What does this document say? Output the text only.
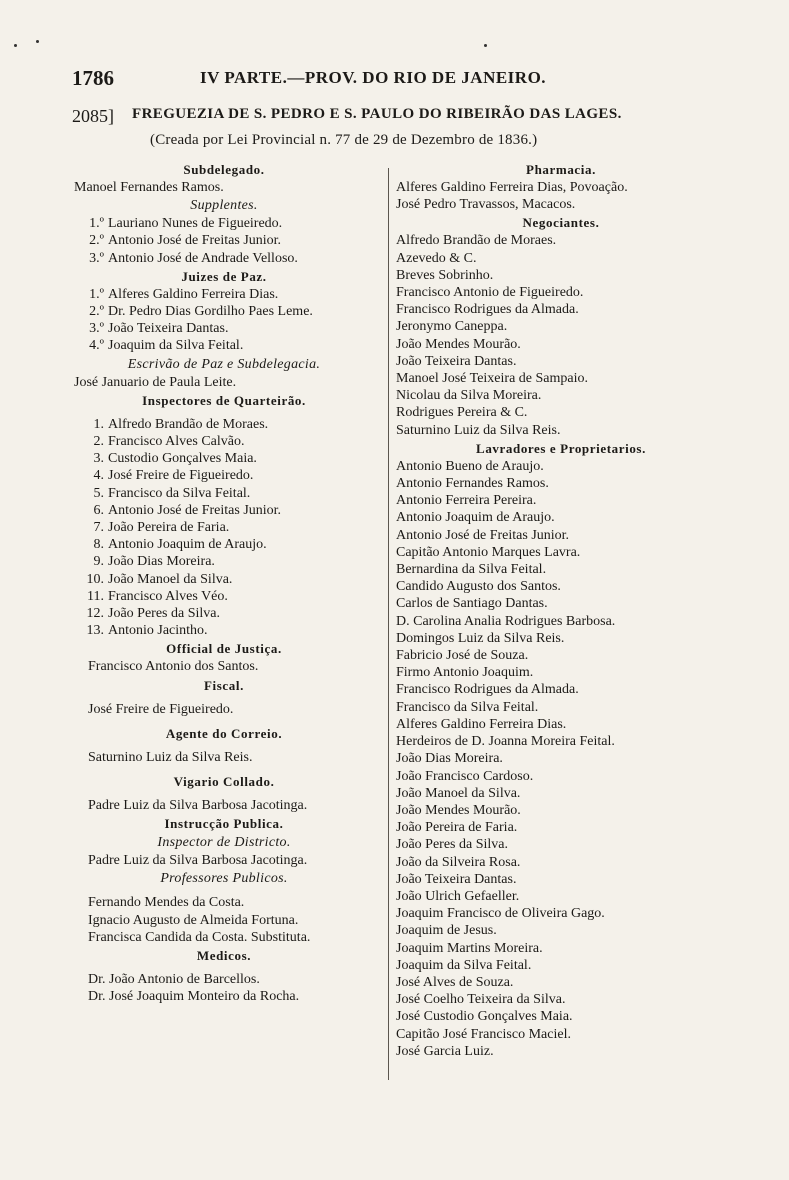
1786	IV PARTE.—PROV. DO RIO DE JANEIRO.
2085] FREGUEZIA DE S. PEDRO E S. PAULO DO RIBEIRÃO DAS LAGES.
(Creada por Lei Provincial n. 77 de 29 de Dezembro de 1836.)
Subdelegado.
Manoel Fernandes Ramos.
Supplentes.
1.º Lauriano Nunes de Figueiredo.
2.º Antonio José de Freitas Junior.
3.º Antonio José de Andrade Velloso.
Juizes de Paz.
1.º Alferes Galdino Ferreira Dias.
2.º Dr. Pedro Dias Gordilho Paes Leme.
3.º João Teixeira Dantas.
4.º Joaquim da Silva Feital.
Escrivão de Paz e Subdelegacia.
José Januario de Paula Leite.
Inspectores de Quarteirão.
1. Alfredo Brandão de Moraes.
2. Francisco Alves Calvão.
3. Custodio Gonçalves Maia.
4. José Freire de Figueiredo.
5. Francisco da Silva Feital.
6. Antonio José de Freitas Junior.
7. João Pereira de Faria.
8. Antonio Joaquim de Araujo.
9. João Dias Moreira.
10. João Manoel da Silva.
11. Francisco Alves Véo.
12. João Peres da Silva.
13. Antonio Jacintho.
Official de Justiça.
Francisco Antonio dos Santos.
Fiscal.
José Freire de Figueiredo.
Agente do Correio.
Saturnino Luiz da Silva Reis.
Vigario Collado.
Padre Luiz da Silva Barbosa Jacotinga.
Instrucção Publica.
Inspector de Districto.
Padre Luiz da Silva Barbosa Jacotinga.
Professores Publicos.
Fernando Mendes da Costa.
Ignacio Augusto de Almeida Fortuna.
Francisca Candida da Costa. Substituta.
Medicos.
Dr. João Antonio de Barcellos.
Dr. José Joaquim Monteiro da Rocha.
Pharmacia.
Alferes Galdino Ferreira Dias, Povoação.
José Pedro Travassos, Macacos.
Negociantes.
Alfredo Brandão de Moraes.
Azevedo & C.
Breves Sobrinho.
Francisco Antonio de Figueiredo.
Francisco Rodrigues da Almada.
Jeronymo Caneppa.
João Mendes Mourão.
João Teixeira Dantas.
Manoel José Teixeira de Sampaio.
Nicolau da Silva Moreira.
Rodrigues Pereira & C.
Saturnino Luiz da Silva Reis.
Lavradores e Proprietarios.
Antonio Bueno de Araujo.
Antonio Fernandes Ramos.
Antonio Ferreira Pereira.
Antonio Joaquim de Araujo.
Antonio José de Freitas Junior.
Capitão Antonio Marques Lavra.
Bernardina da Silva Feital.
Candido Augusto dos Santos.
Carlos de Santiago Dantas.
D. Carolina Analia Rodrigues Barbosa.
Domingos Luiz da Silva Reis.
Fabricio José de Souza.
Firmo Antonio Joaquim.
Francisco Rodrigues da Almada.
Francisco da Silva Feital.
Alferes Galdino Ferreira Dias.
Herdeiros de D. Joanna Moreira Feital.
João Dias Moreira.
João Francisco Cardoso.
João Manoel da Silva.
João Mendes Mourão.
João Pereira de Faria.
João Peres da Silva.
João da Silveira Rosa.
João Teixeira Dantas.
João Ulrich Gefaeller.
Joaquim Francisco de Oliveira Gago.
Joaquim de Jesus.
Joaquim Martins Moreira.
Joaquim da Silva Feital.
José Alves de Souza.
José Coelho Teixeira da Silva.
José Custodio Gonçalves Maia.
Capitão José Francisco Maciel.
José Garcia Luiz.
